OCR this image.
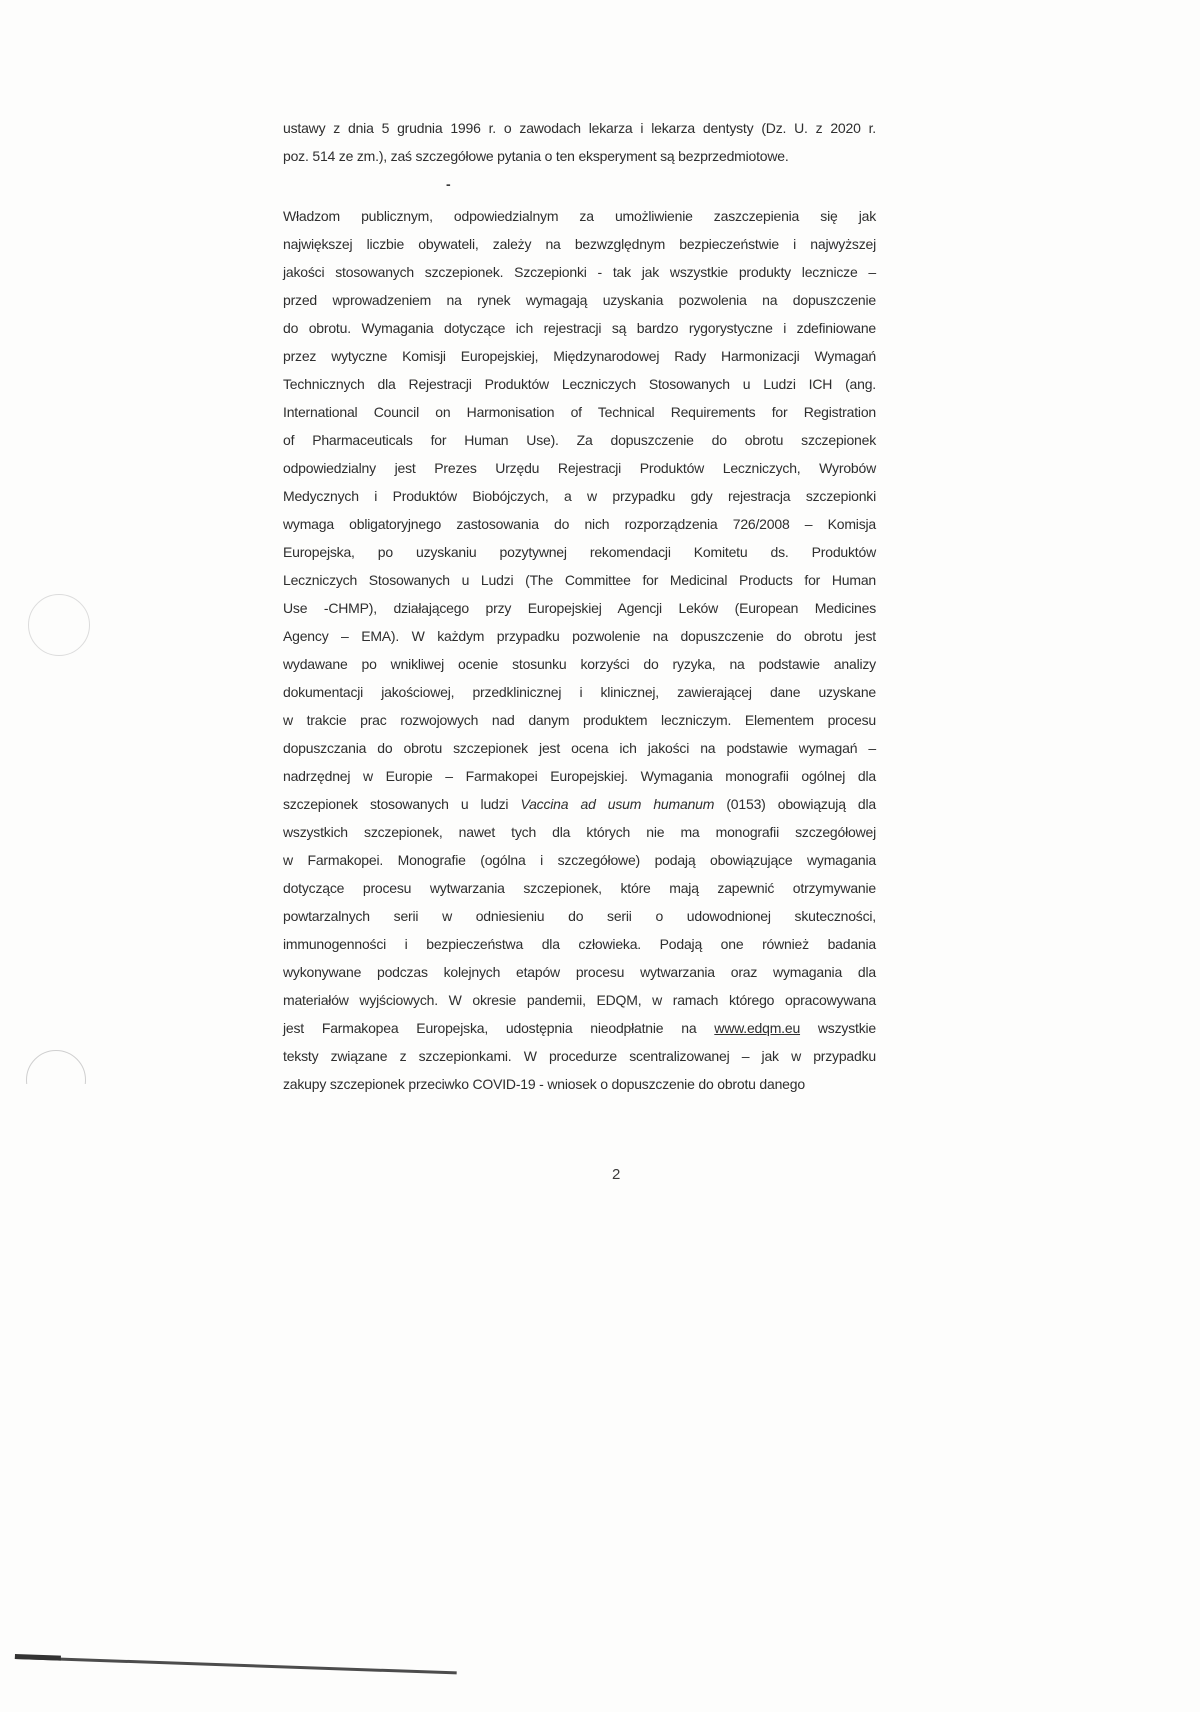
ustawy z dnia 5 grudnia 1996 r. o zawodach lekarza i lekarza dentysty (Dz. U. z 2020 r.
poz. 514 ze zm.), zaś szczegółowe pytania o ten eksperyment są bezprzedmiotowe.
-
Władzom publicznym, odpowiedzialnym za umożliwienie zaszczepienia się jak
największej liczbie obywateli, zależy na bezwzględnym bezpieczeństwie i najwyższej
jakości stosowanych szczepionek. Szczepionki - tak jak wszystkie produkty lecznicze –
przed wprowadzeniem na rynek wymagają uzyskania pozwolenia na dopuszczenie
do obrotu. Wymagania dotyczące ich rejestracji są bardzo rygorystyczne i zdefiniowane
przez wytyczne Komisji Europejskiej, Międzynarodowej Rady Harmonizacji Wymagań
Technicznych dla Rejestracji Produktów Leczniczych Stosowanych u Ludzi ICH (ang.
International Council on Harmonisation of Technical Requirements for Registration
of Pharmaceuticals for Human Use). Za dopuszczenie do obrotu szczepionek
odpowiedzialny jest Prezes Urzędu Rejestracji Produktów Leczniczych, Wyrobów
Medycznych i Produktów Biobójczych, a w przypadku gdy rejestracja szczepionki
wymaga obligatoryjnego zastosowania do nich rozporządzenia 726/2008 – Komisja
Europejska, po uzyskaniu pozytywnej rekomendacji Komitetu ds. Produktów
Leczniczych Stosowanych u Ludzi (The Committee for Medicinal Products for Human
Use -CHMP), działającego przy Europejskiej Agencji Leków (European Medicines
Agency – EMA). W każdym przypadku pozwolenie na dopuszczenie do obrotu jest
wydawane po wnikliwej ocenie stosunku korzyści do ryzyka, na podstawie analizy
dokumentacji jakościowej, przedklinicznej i klinicznej, zawierającej dane uzyskane
w trakcie prac rozwojowych nad danym produktem leczniczym. Elementem procesu
dopuszczania do obrotu szczepionek jest ocena ich jakości na podstawie wymagań –
nadrzędnej w Europie – Farmakopei Europejskiej. Wymagania monografii ogólnej dla
szczepionek stosowanych u ludzi Vaccina ad usum humanum (0153) obowiązują dla
wszystkich szczepionek, nawet tych dla których nie ma monografii szczegółowej
w Farmakopei. Monografie (ogólna i szczegółowe) podają obowiązujące wymagania
dotyczące procesu wytwarzania szczepionek, które mają zapewnić otrzymywanie
powtarzalnych serii w odniesieniu do serii o udowodnionej skuteczności,
immunogenności i bezpieczeństwa dla człowieka. Podają one również badania
wykonywane podczas kolejnych etapów procesu wytwarzania oraz wymagania dla
materiałów wyjściowych. W okresie pandemii, EDQM, w ramach którego opracowywana
jest Farmakopea Europejska, udostępnia nieodpłatnie na www.edqm.eu wszystkie
teksty związane z szczepionkami. W procedurze scentralizowanej – jak w przypadku
zakupy szczepionek przeciwko COVID-19 - wniosek o dopuszczenie do obrotu danego
2
